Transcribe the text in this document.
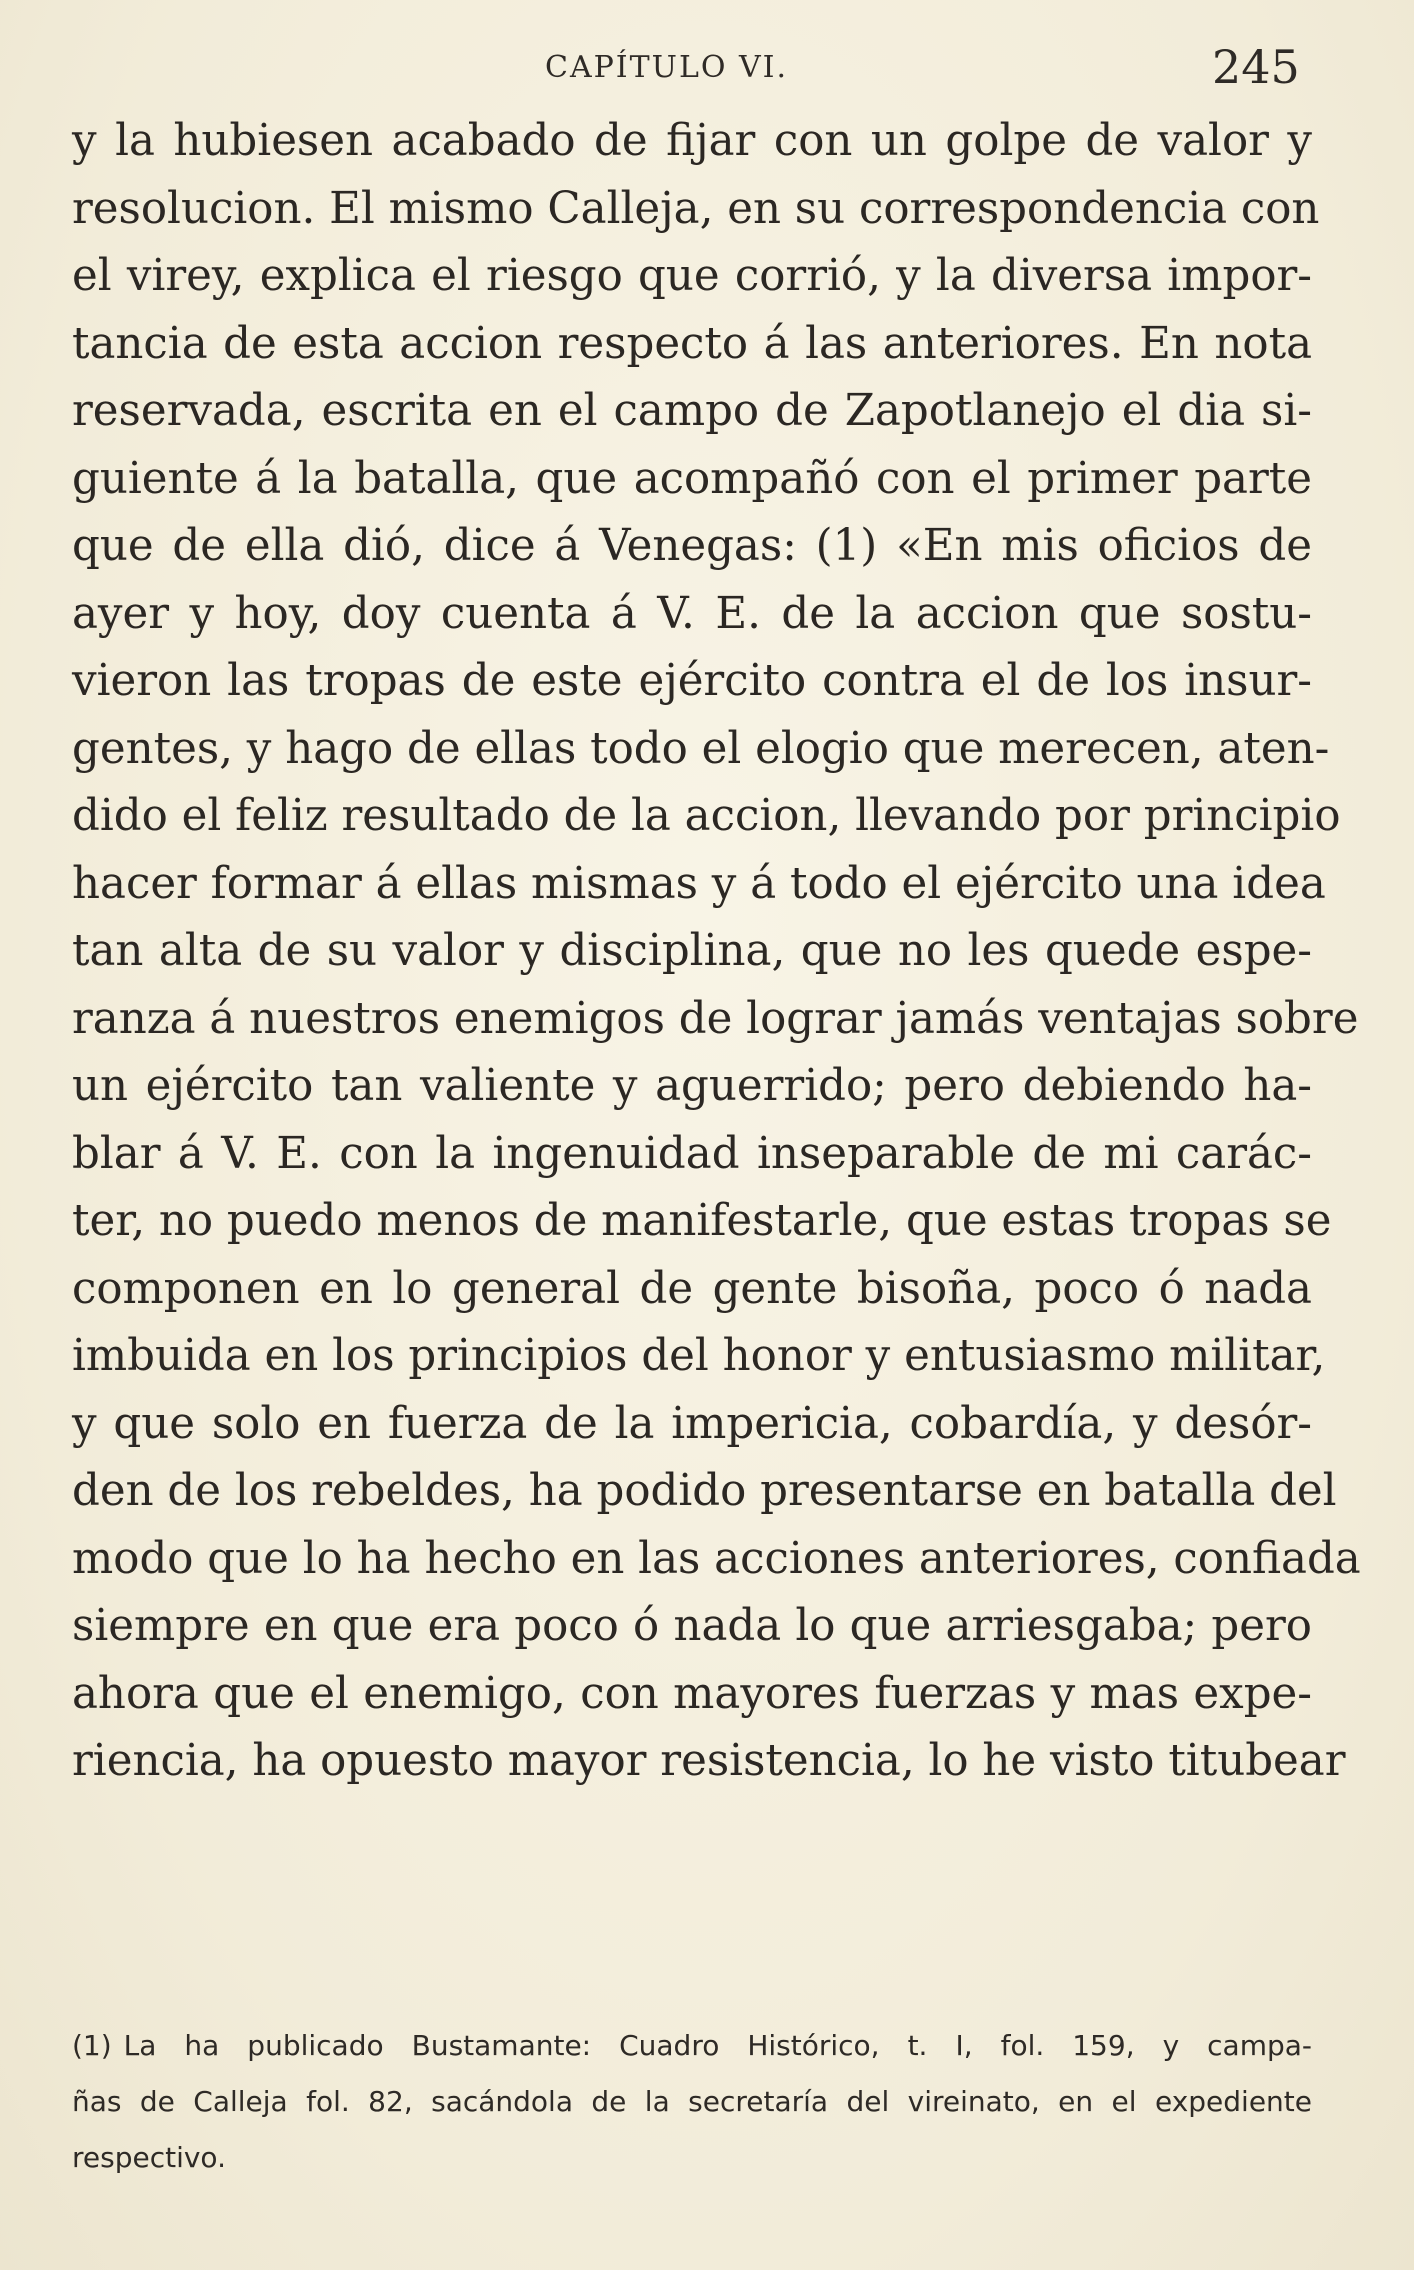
CAPÍTULO VI.	245
y la hubiesen acabado de fijar con un golpe de valor y
resolucion. El mismo Calleja, en su correspondencia con
el virey, explica el riesgo que corrió, y la diversa impor-
tancia de esta accion respecto á las anteriores. En nota
reservada, escrita en el campo de Zapotlanejo el dia si-
guiente á la batalla, que acompañó con el primer parte
que de ella dió, dice á Venegas: (1) «En mis oficios de
ayer y hoy, doy cuenta á V. E. de la accion que sostu-
vieron las tropas de este ejército contra el de los insur-
gentes, y hago de ellas todo el elogio que merecen, aten-
dido el feliz resultado de la accion, llevando por principio
hacer formar á ellas mismas y á todo el ejército una idea
tan alta de su valor y disciplina, que no les quede espe-
ranza á nuestros enemigos de lograr jamás ventajas sobre
un ejército tan valiente y aguerrido; pero debiendo ha-
blar á V. E. con la ingenuidad inseparable de mi carác-
ter, no puedo menos de manifestarle, que estas tropas se
componen en lo general de gente bisoña, poco ó nada
imbuida en los principios del honor y entusiasmo militar,
y que solo en fuerza de la impericia, cobardía, y desór-
den de los rebeldes, ha podido presentarse en batalla del
modo que lo ha hecho en las acciones anteriores, confiada
siempre en que era poco ó nada lo que arriesgaba; pero
ahora que el enemigo, con mayores fuerzas y mas expe-
riencia, ha opuesto mayor resistencia, lo he visto titubear
(1) La ha publicado Bustamante: Cuadro Histórico, t. I, fol. 159, y campa-
ñas de Calleja fol. 82, sacándola de la secretaría del vireinato, en el expediente
respectivo.
